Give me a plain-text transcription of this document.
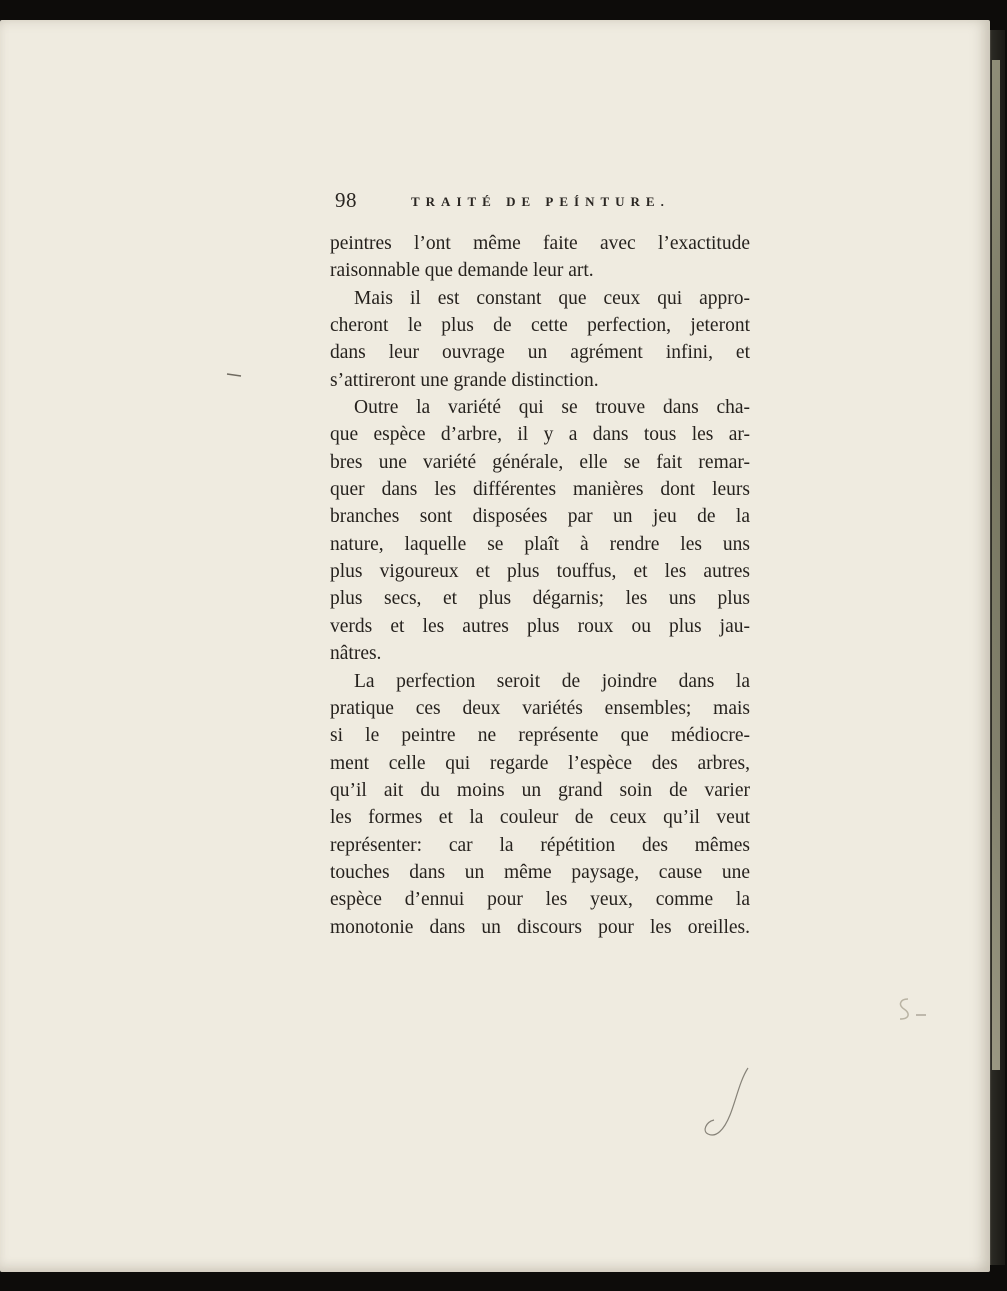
98	TRAITÉ DE PEÍNTURE.
peintres l’ont même faite avec l’exactitude
raisonnable que demande leur art.
Mais il est constant que ceux qui appro-
cheront le plus de cette perfection, jeteront
dans leur ouvrage un agrément infini, et
s’attireront une grande distinction.
Outre la variété qui se trouve dans cha-
que espèce d’arbre, il y a dans tous les ar-
bres une variété générale, elle se fait remar-
quer dans les différentes manières dont leurs
branches sont disposées par un jeu de la
nature, laquelle se plaît à rendre les uns
plus vigoureux et plus touffus, et les autres
plus secs, et plus dégarnis; les uns plus
verds et les autres plus roux ou plus jau-
nâtres.
La perfection seroit de joindre dans la
pratique ces deux variétés ensembles; mais
si le peintre ne représente que médiocre-
ment celle qui regarde l’espèce des arbres,
qu’il ait du moins un grand soin de varier
les formes et la couleur de ceux qu’il veut
représenter: car la répétition des mêmes
touches dans un même paysage, cause une
espèce d’ennui pour les yeux, comme la
monotonie dans un discours pour les oreilles.
